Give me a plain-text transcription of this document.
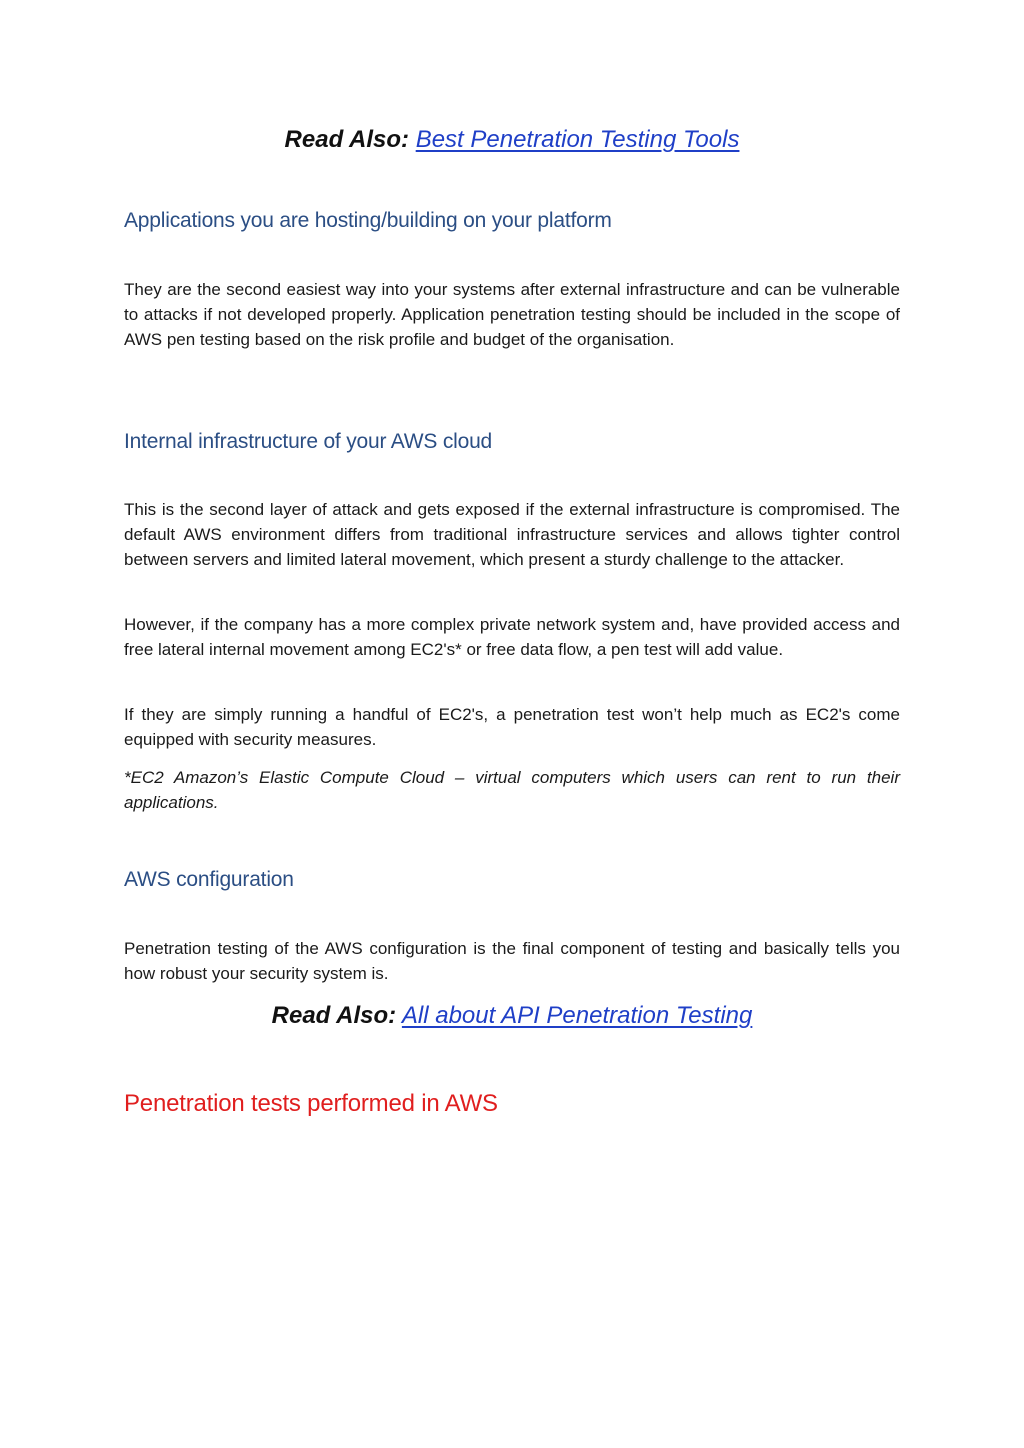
Read Also: Best Penetration Testing Tools
Applications you are hosting/building on your platform

They are the second easiest way into your systems after external infrastructure and can be vulnerable to attacks if not developed properly. Application penetration testing should be included in the scope of AWS pen testing based on the risk profile and budget of the organisation.

Internal infrastructure of your AWS cloud

This is the second layer of attack and gets exposed if the external infrastructure is compromised. The default AWS environment differs from traditional infrastructure services and allows tighter control between servers and limited lateral movement, which present a sturdy challenge to the attacker.

However, if the company has a more complex private network system and, have provided access and free lateral internal movement among EC2's* or free data flow, a pen test will add value.

If they are simply running a handful of EC2's, a penetration test won’t help much as EC2's come equipped with security measures.

*EC2 Amazon’s Elastic Compute Cloud – virtual computers which users can rent to run their applications.

AWS configuration

Penetration testing of the AWS configuration is the final component of testing and basically tells you how robust your security system is.

Read Also: All about API Penetration Testing
Penetration tests performed in AWS
